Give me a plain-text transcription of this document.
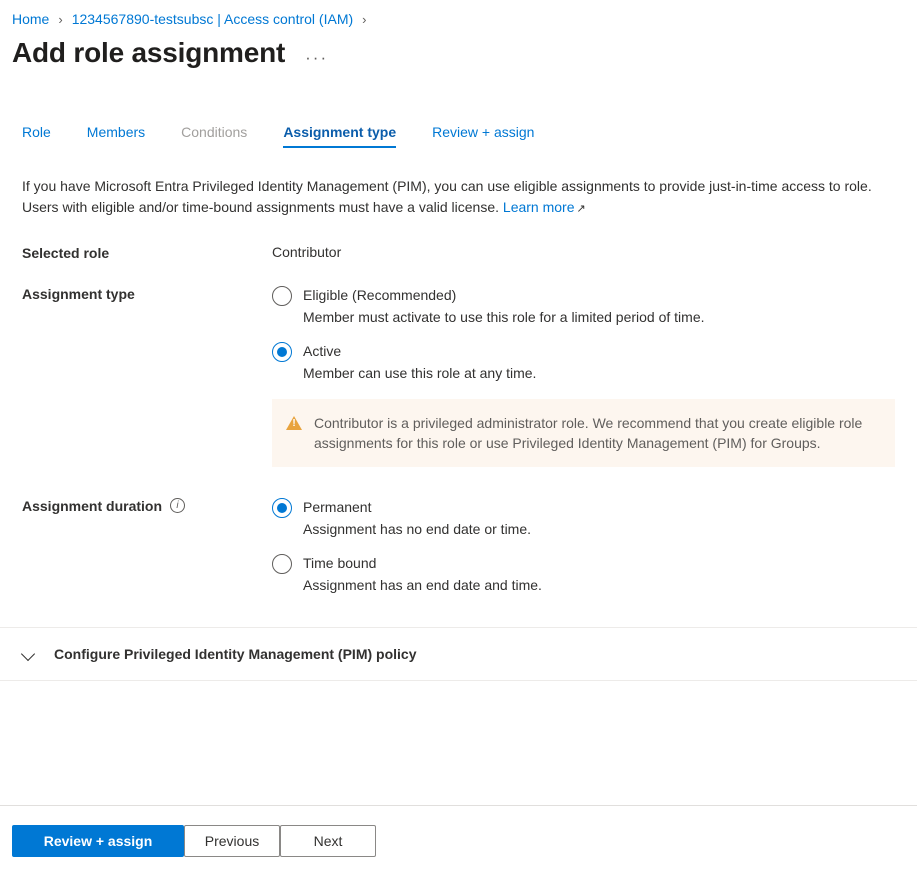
Home › 1234567890-testsubsc | Access control (IAM) ›
Add role assignment ···
Role	Members	Conditions	Assignment type	Review + assign
If you have Microsoft Entra Privileged Identity Management (PIM), you can use eligible assignments to provide just-in-time access to role. Users with eligible and/or time-bound assignments must have a valid license. Learn more ↗
Selected role	Contributor
Assignment type	Eligible (Recommended)
Member must activate to use this role for a limited period of time.
Active
Member can use this role at any time.
!
Contributor is a privileged administrator role. We recommend that you create eligible role assignments for this role or use Privileged Identity Management (PIM) for Groups.
Assignment duration	i	Permanent
Assignment has no end date or time.
Time bound
Assignment has an end date and time.
Configure Privileged Identity Management (PIM) policy
Review + assign	Previous	Next
